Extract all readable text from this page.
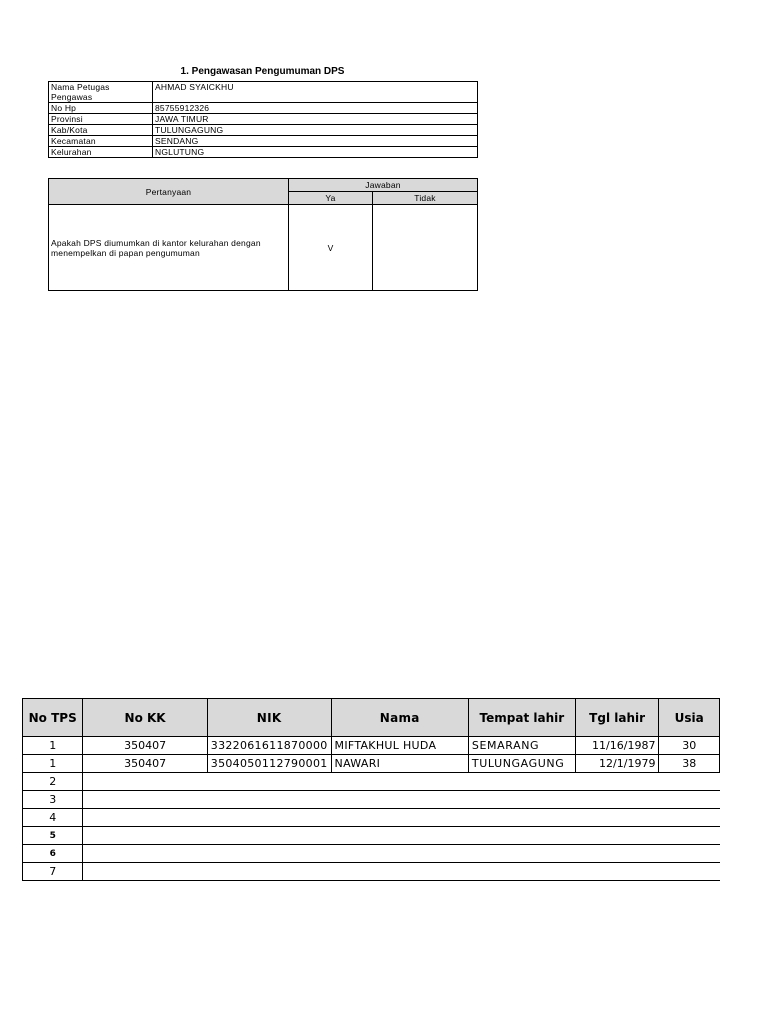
1. Pengawasan Pengumuman DPS
Nama Petugas Pengawas	AHMAD SYAICKHU
No Hp	85755912326
Provinsi	JAWA TIMUR
Kab/Kota	TULUNGAGUNG
Kecamatan	SENDANG
Kelurahan	NGLUTUNG
Pertanyaan	Jawaban	
	Ya	Tidak
Apakah DPS diumumkan di kantor kelurahan dengan menempelkan di papan pengumuman	V	
No TPS	No KK	NIK	Nama	Tempat lahir	Tgl lahir	Usia
1	350407	3322061611870000	MIFTAKHUL HUDA	SEMARANG	11/16/1987	30
1	350407	3504050112790001	NAWARI	TULUNGAGUNG	12/1/1979	38
2						
3						
4						
5						
6						
7						
